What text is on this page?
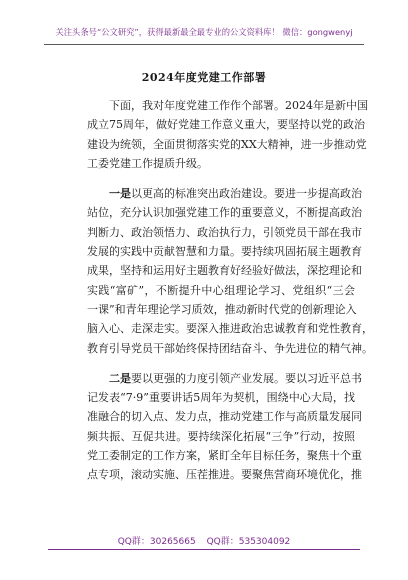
关注头条号“公文研究”，获得最新最全最专业的公文资料库！ 微信：gongwenyj
2024年度党建工作部署
下面，我对年度党建工作作个部署。2024年是新中国
成立75周年，做好党建工作意义重大，要坚持以党的政治
建设为统领，全面贯彻落实党的XX大精神，进一步推动党
工委党建工作提质升级。
一是以更高的标准突出政治建设。要进一步提高政治
站位，充分认识加强党建工作的重要意义，不断提高政治
判断力、政治领悟力、政治执行力，引领党员干部在我市
发展的实践中贡献智慧和力量。要持续巩固拓展主题教育
成果，坚持和运用好主题教育好经验好做法，深挖理论和
实践“富矿”，不断提升中心组理论学习、党组织“三会
一课”和青年理论学习质效，推动新时代党的创新理论入
脑入心、走深走实。要深入推进政治忠诚教育和党性教育，
教育引导党员干部始终保持团结奋斗、争先进位的精气神。
二是要以更强的力度引领产业发展。要以习近平总书
记发表“7·9”重要讲话5周年为契机，围绕中心大局，找
准融合的切入点、发力点，推动党建工作与高质量发展同
频共振、互促共进。要持续深化拓展“三争”行动，按照
党工委制定的工作方案，紧盯全年目标任务，聚焦十个重
点专项，滚动实施、压茬推进。要聚焦营商环境优化，推
QQ群：30265665 QQ群：535304092
